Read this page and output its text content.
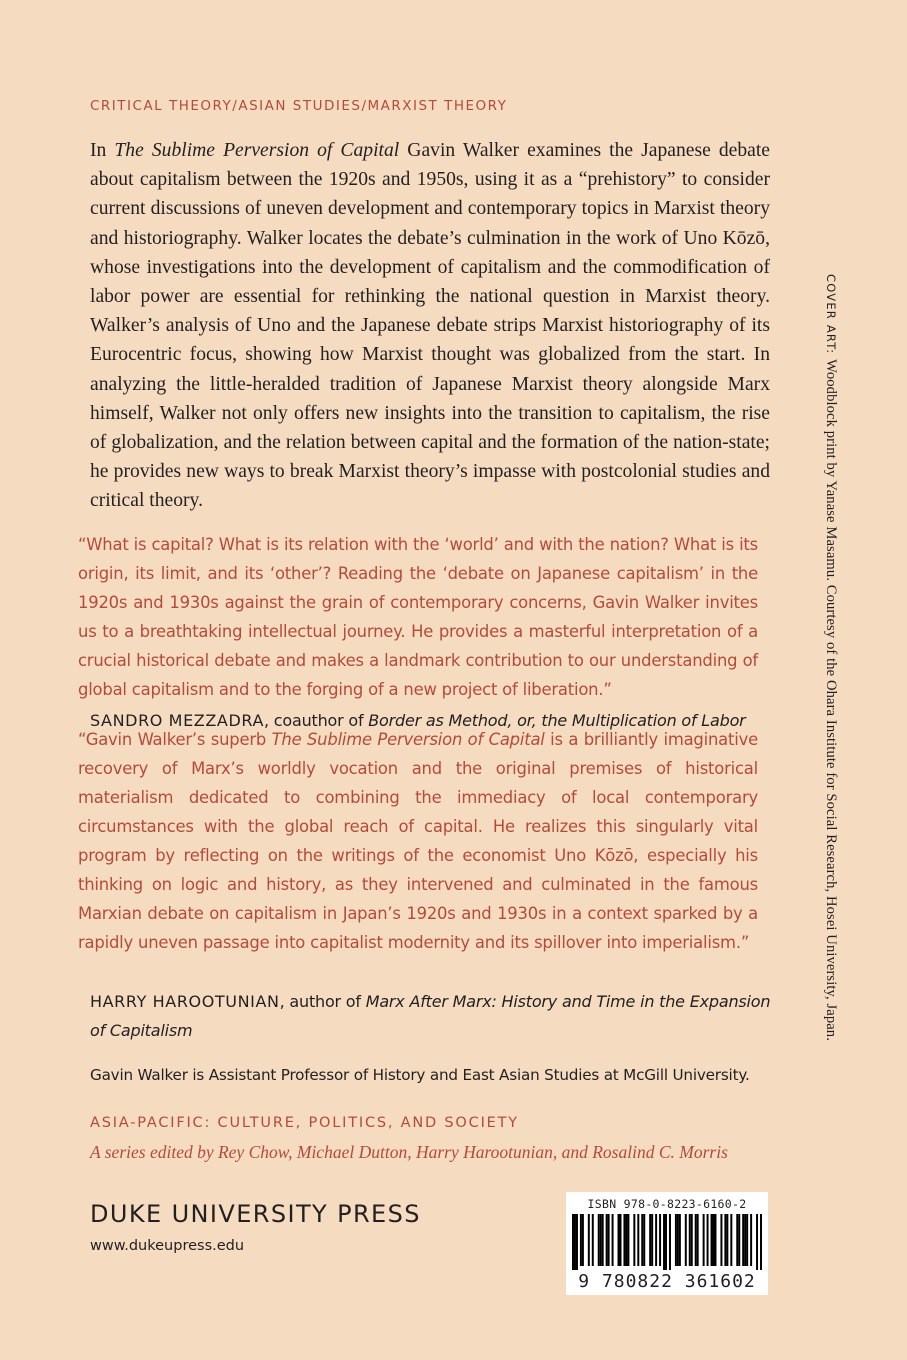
CRITICAL THEORY/ASIAN STUDIES/MARXIST THEORY

In The Sublime Perversion of Capital Gavin Walker examines the Japanese debate about capitalism between the 1920s and 1950s, using it as a “prehistory” to consider current discussions of uneven development and contemporary topics in Marxist theory and historiography. Walker locates the debate’s culmination in the work of Uno Kōzō, whose investigations into the development of capitalism and the commodification of labor power are essential for rethinking the national question in Marxist theory. Walker’s analysis of Uno and the Japanese debate strips Marxist historiography of its Eurocentric focus, showing how Marxist thought was globalized from the start. In analyzing the little-heralded tradition of Japanese Marxist theory alongside Marx himself, Walker not only offers new insights into the transition to capitalism, the rise of globalization, and the relation between capital and the formation of the nation-state; he provides new ways to break Marxist theory’s impasse with postcolonial studies and critical theory.

“What is capital? What is its relation with the ‘world’ and with the nation? What is its origin, its limit, and its ‘other’? Reading the ‘debate on Japanese capitalism’ in the 1920s and 1930s against the grain of contemporary concerns, Gavin Walker invites us to a breathtaking intellectual journey. He provides a masterful interpretation of a crucial historical debate and makes a landmark contribution to our understanding of global capitalism and to the forging of a new project of liberation.”

SANDRO MEZZADRA, coauthor of Border as Method, or, the Multiplication of Labor

“Gavin Walker’s superb The Sublime Perversion of Capital is a brilliantly imaginative recovery of Marx’s worldly vocation and the original premises of historical materialism dedicated to combining the immediacy of local contemporary circumstances with the global reach of capital. He realizes this singularly vital program by reflecting on the writings of the economist Uno Kōzō, especially his thinking on logic and history, as they intervened and culminated in the famous Marxian debate on capitalism in Japan’s 1920s and 1930s in a context sparked by a rapidly uneven passage into capitalist modernity and its spillover into imperialism.”

HARRY HAROOTUNIAN, author of Marx After Marx: History and Time in the Expansion of Capitalism
Gavin Walker is Assistant Professor of History and East Asian Studies at McGill University.
ASIA-PACIFIC: CULTURE, POLITICS, AND SOCIETY
A series edited by Rey Chow, Michael Dutton, Harry Harootunian, and Rosalind C. Morris
DUKE UNIVERSITY PRESS
www.dukeupress.edu
ISBN 978-0-8223-6160-2
9 780822 361602
COVER ART: Woodblock print by Yanase Masamu. Courtesy of the Ohara Institute for Social Research, Hosei University, Japan.
